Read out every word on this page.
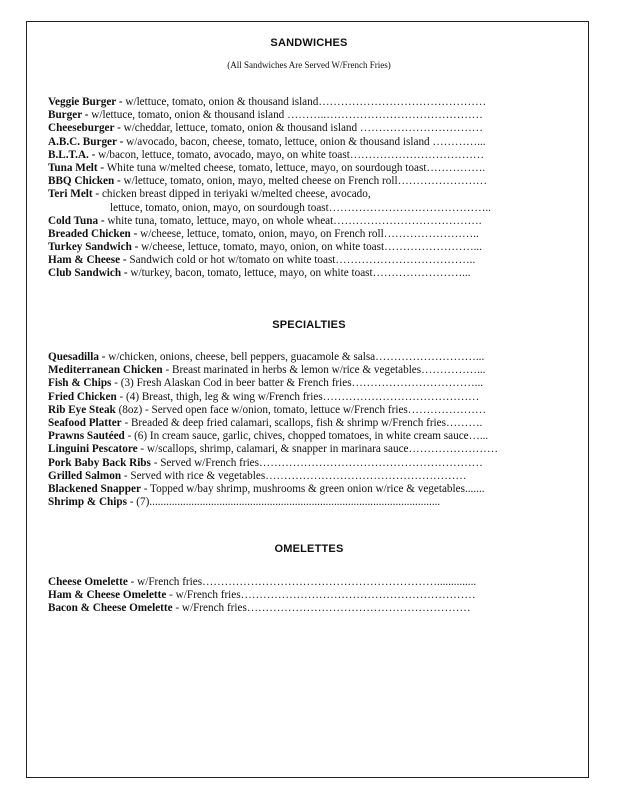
SANDWICHES
(All Sandwiches Are Served W/French Fries)
Veggie Burger - w/lettuce, tomato, onion & thousand island………………………………………
Burger - w/lettuce, tomato, onion & thousand island ………..……………………………………
Cheeseburger - w/cheddar, lettuce, tomato, onion & thousand island ……………………………
A.B.C. Burger - w/avocado, bacon, cheese, tomato, lettuce, onion & thousand island …………...
B.L.T.A. - w/bacon, lettuce, tomato, avocado, mayo, on white toast………………………………
Tuna Melt - White tuna w/melted cheese, tomato, lettuce, mayo, on sourdough toast…………….
BBQ Chicken - w/lettuce, tomato, onion, mayo, melted cheese on French roll……………………
Teri Melt - chicken breast dipped in teriyaki w/melted cheese, avocado,
lettuce, tomato, onion, mayo, on sourdough toast……………………………………..
Cold Tuna - white tuna, tomato, lettuce, mayo, on whole wheat………………………………….
Breaded Chicken - w/cheese, lettuce, tomato, onion, mayo, on French roll……………………..
Turkey Sandwich - w/cheese, lettuce, tomato, mayo, onion, on white toast……………………...
Ham & Cheese - Sandwich cold or hot w/tomato on white toast………………………………..
Club Sandwich - w/turkey, bacon, tomato, lettuce, mayo, on white toast……………………...
SPECIALTIES
Quesadilla - w/chicken, onions, cheese, bell peppers, guacamole & salsa………………………...
Mediterranean Chicken - Breast marinated in herbs & lemon w/rice & vegetables……………...
Fish & Chips - (3) Fresh Alaskan Cod in beer batter & French fries……………………………...
Fried Chicken - (4) Breast, thigh, leg & wing w/French fries……………………………………
Rib Eye Steak (8oz) - Served open face w/onion, tomato, lettuce w/French fries…………………
Seafood Platter - Breaded & deep fried calamari, scallops, fish & shrimp w/French fries……….
Prawns Sautéed - (6) In cream sauce, garlic, chives, chopped tomatoes, in white cream sauce…...
Linguini Pescatore - w/scallops, shrimp, calamari, & snapper in marinara sauce……………………
Pork Baby Back Ribs - Served w/French fries……………………………………………………
Grilled Salmon - Served with rice & vegetables………………………………………………
Blackened Snapper - Topped w/bay shrimp, mushrooms & green onion w/rice & vegetables.......
Shrimp & Chips - (7)........................................................................................................
OMELETTES
Cheese Omelette - w/French fries………………………………………………………..............
Ham & Cheese Omelette - w/French fries………………………………………………………
Bacon & Cheese Omelette - w/French fries……………………………………………………
